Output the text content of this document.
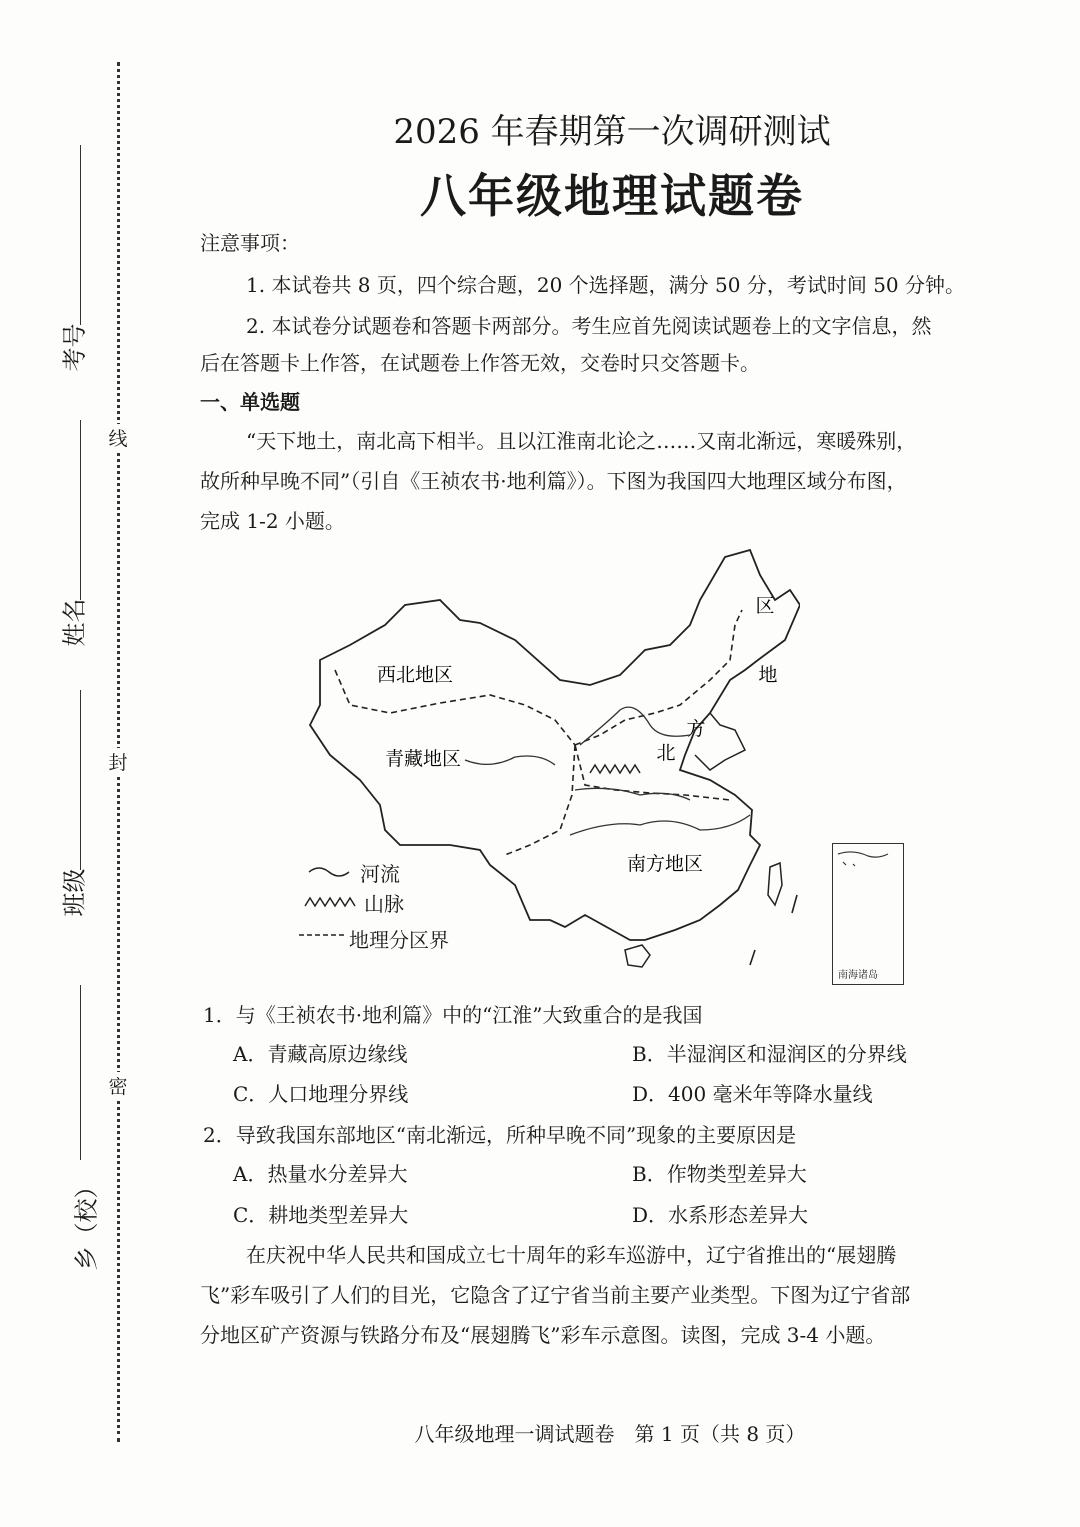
线
封
密
考号
姓名
班级
乡（校）
2026 年春期第一次调研测试
八年级地理试题卷
注意事项：
1. 本试卷共 8 页，四个综合题，20 个选择题，满分 50 分，考试时间 50 分钟。
2. 本试卷分试题卷和答题卡两部分。考生应首先阅读试题卷上的文字信息，然
后在答题卡上作答，在试题卷上作答无效，交卷时只交答题卡。
一、单选题
“天下地土，南北高下相半。且以江淮南北论之……又南北渐远，寒暖殊别，
故所种早晚不同”（引自《王祯农书·地利篇》）。下图为我国四大地理区域分布图，
完成 1-2 小题。
西北地区
青藏地区
南方地区
区
地
方
北
南海诸岛
河流
山脉
地理分区界
1．与《王祯农书·地利篇》中的“江淮”大致重合的是我国
A．青藏高原边缘线	B．半湿润区和湿润区的分界线
C．人口地理分界线	D．400 毫米年等降水量线
2．导致我国东部地区“南北渐远，所种早晚不同”现象的主要原因是
A．热量水分差异大	B．作物类型差异大
C．耕地类型差异大	D．水系形态差异大
在庆祝中华人民共和国成立七十周年的彩车巡游中，辽宁省推出的“展翅腾
飞”彩车吸引了人们的目光，它隐含了辽宁省当前主要产业类型。下图为辽宁省部
分地区矿产资源与铁路分布及“展翅腾飞”彩车示意图。读图，完成 3-4 小题。
八年级地理一调试题卷　第 1 页（共 8 页）
